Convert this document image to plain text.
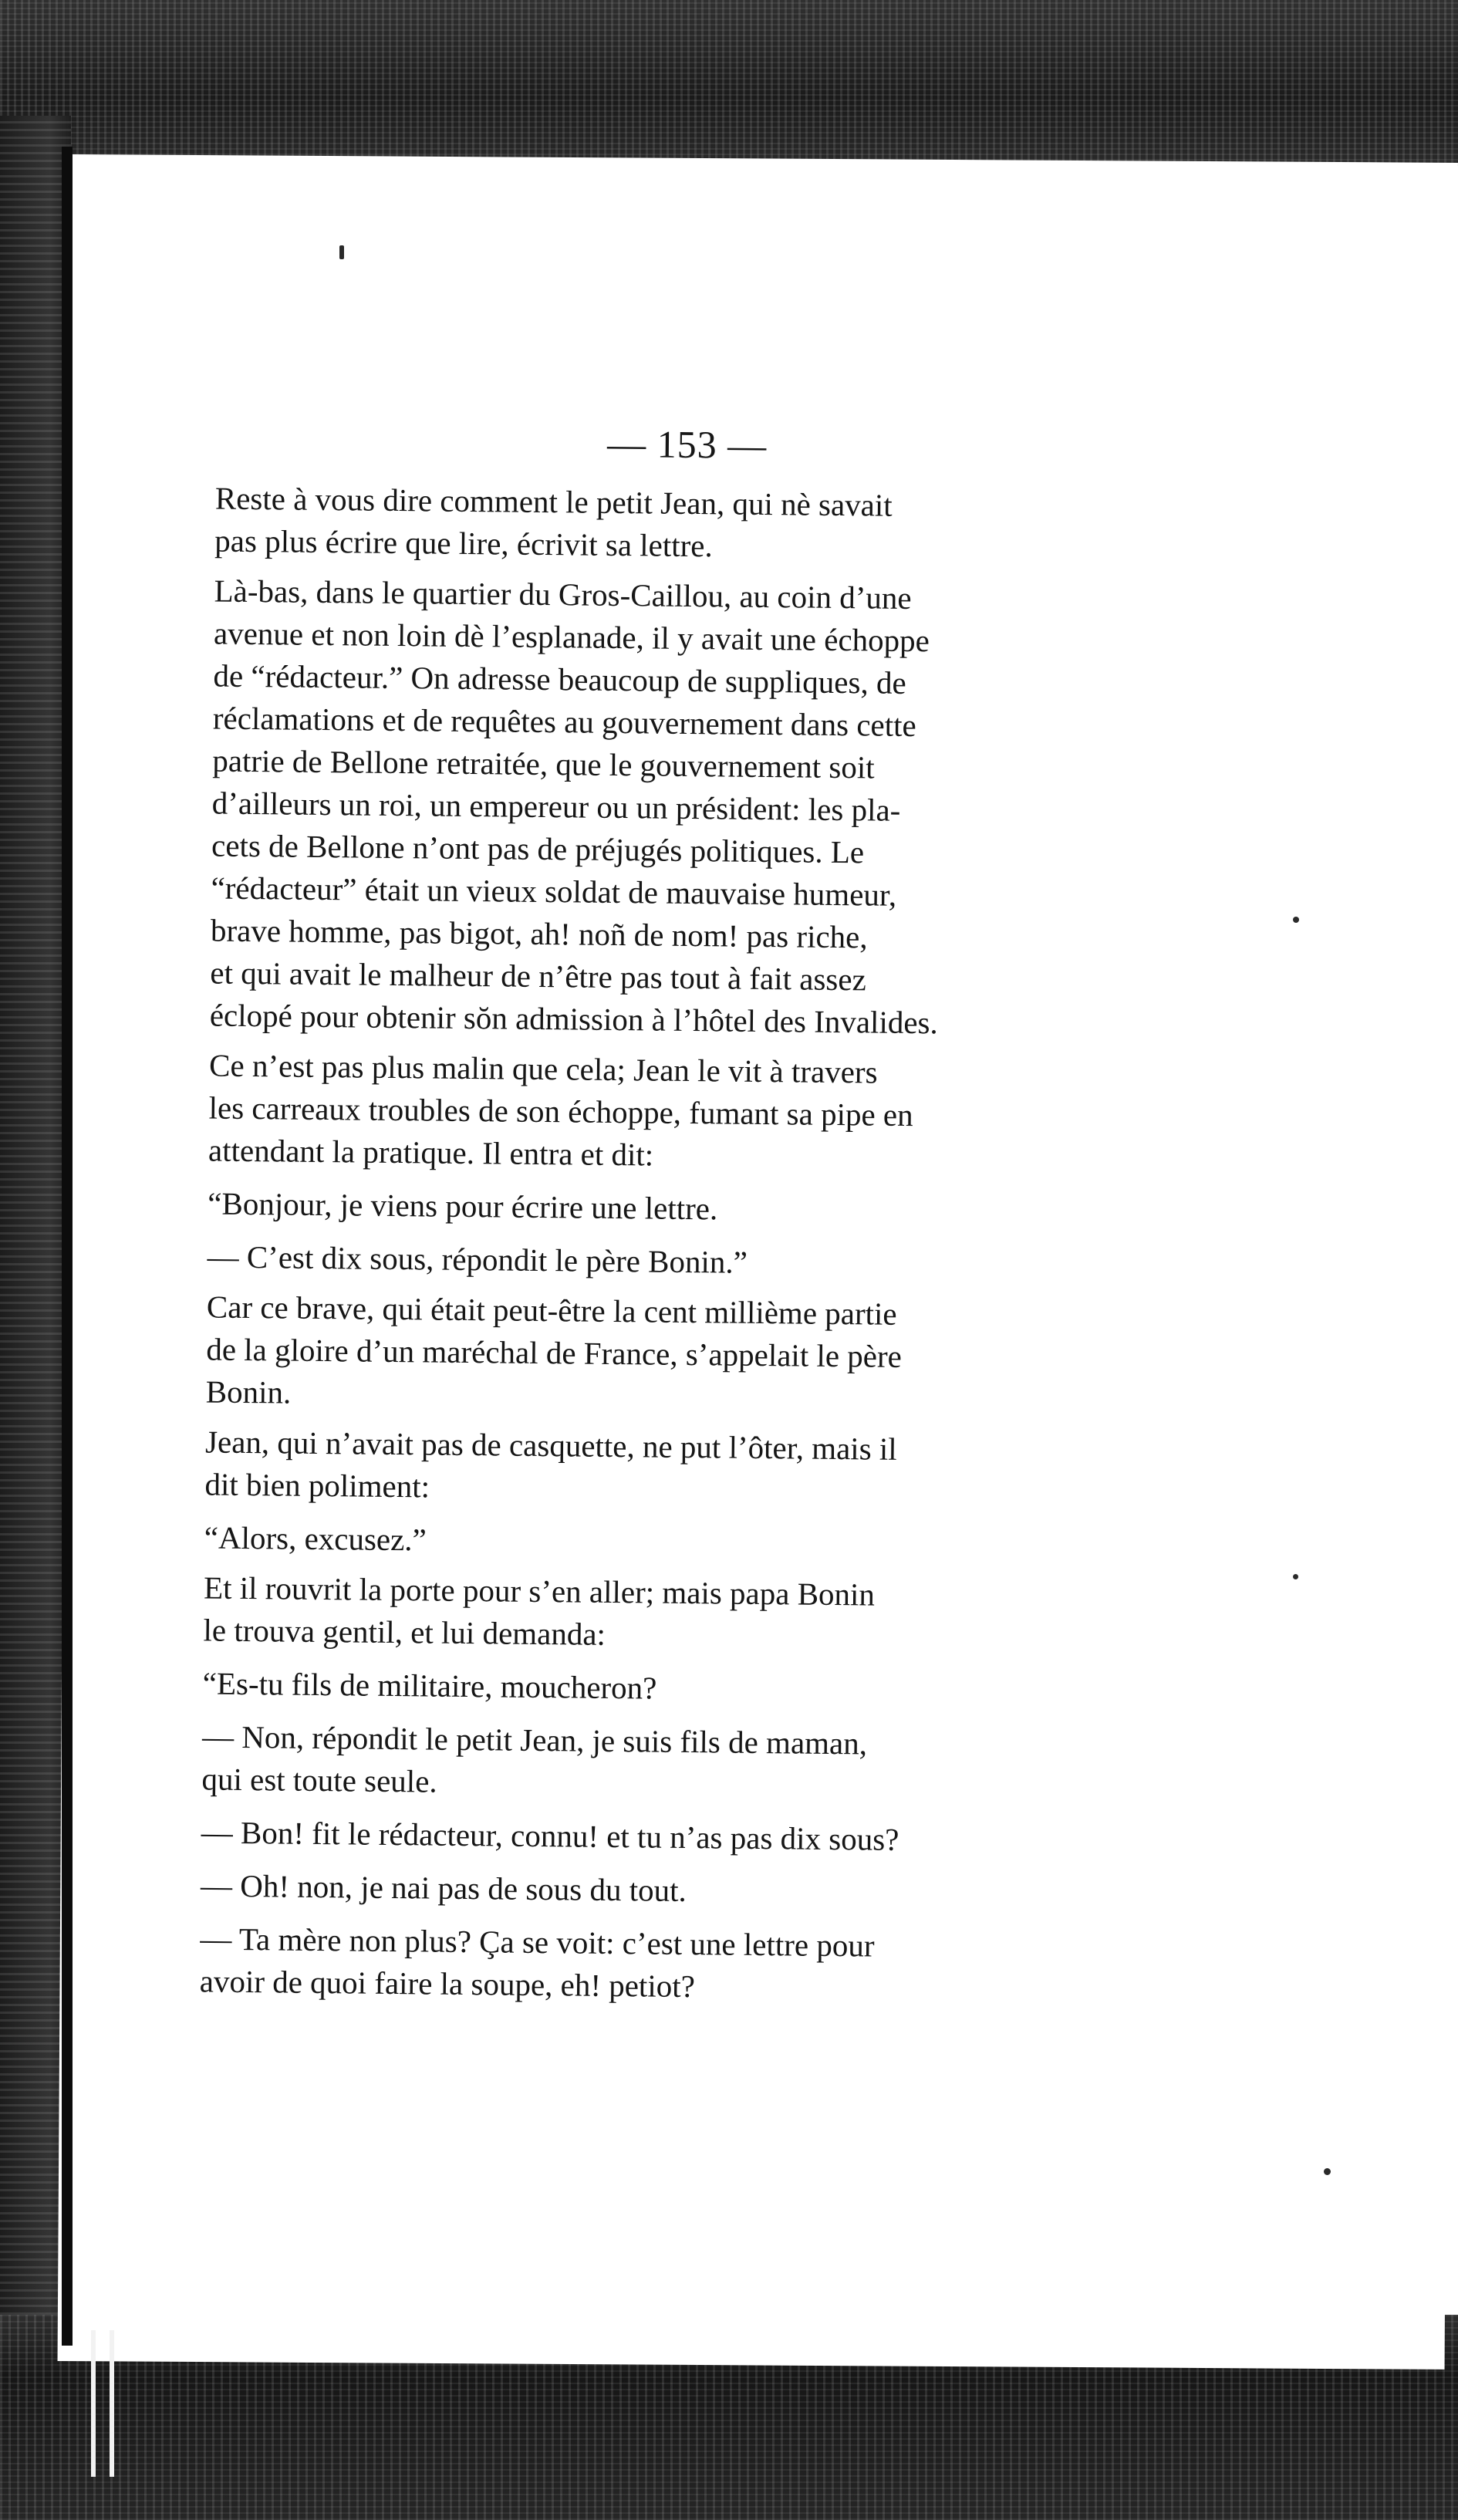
— 153 —
Reste à vous dire comment le petit Jean, qui nè savait
pas plus écrire que lire, écrivit sa lettre.
Là-bas, dans le quartier du Gros-Caillou, au coin d’une
avenue et non loin dè l’esplanade, il y avait une échoppe
de “rédacteur.” On adresse beaucoup de suppliques, de
réclamations et de requêtes au gouvernement dans cette
patrie de Bellone retraitée, que le gouvernement soit
d’ailleurs un roi, un empereur ou un président: les pla-
cets de Bellone n’ont pas de préjugés politiques. Le
“rédacteur” était un vieux soldat de mauvaise humeur,
brave homme, pas bigot, ah! noñ de nom! pas riche,
et qui avait le malheur de n’être pas tout à fait assez
éclopé pour obtenir sŏn admission à l’hôtel des Invalides.
Ce n’est pas plus malin que cela; Jean le vit à travers
les carreaux troubles de son échoppe, fumant sa pipe en
attendant la pratique. Il entra et dit:
“Bonjour, je viens pour écrire une lettre.
— C’est dix sous, répondit le père Bonin.”
Car ce brave, qui était peut-être la cent millième partie
de la gloire d’un maréchal de France, s’appelait le père
Bonin.
Jean, qui n’avait pas de casquette, ne put l’ôter, mais il
dit bien poliment:
“Alors, excusez.”
Et il rouvrit la porte pour s’en aller; mais papa Bonin
le trouva gentil, et lui demanda:
“Es-tu fils de militaire, moucheron?
— Non, répondit le petit Jean, je suis fils de maman,
qui est toute seule.
— Bon! fit le rédacteur, connu! et tu n’as pas dix sous?
— Oh! non, je nai pas de sous du tout.
— Ta mère non plus? Ça se voit: c’est une lettre pour
avoir de quoi faire la soupe, eh! petiot?
